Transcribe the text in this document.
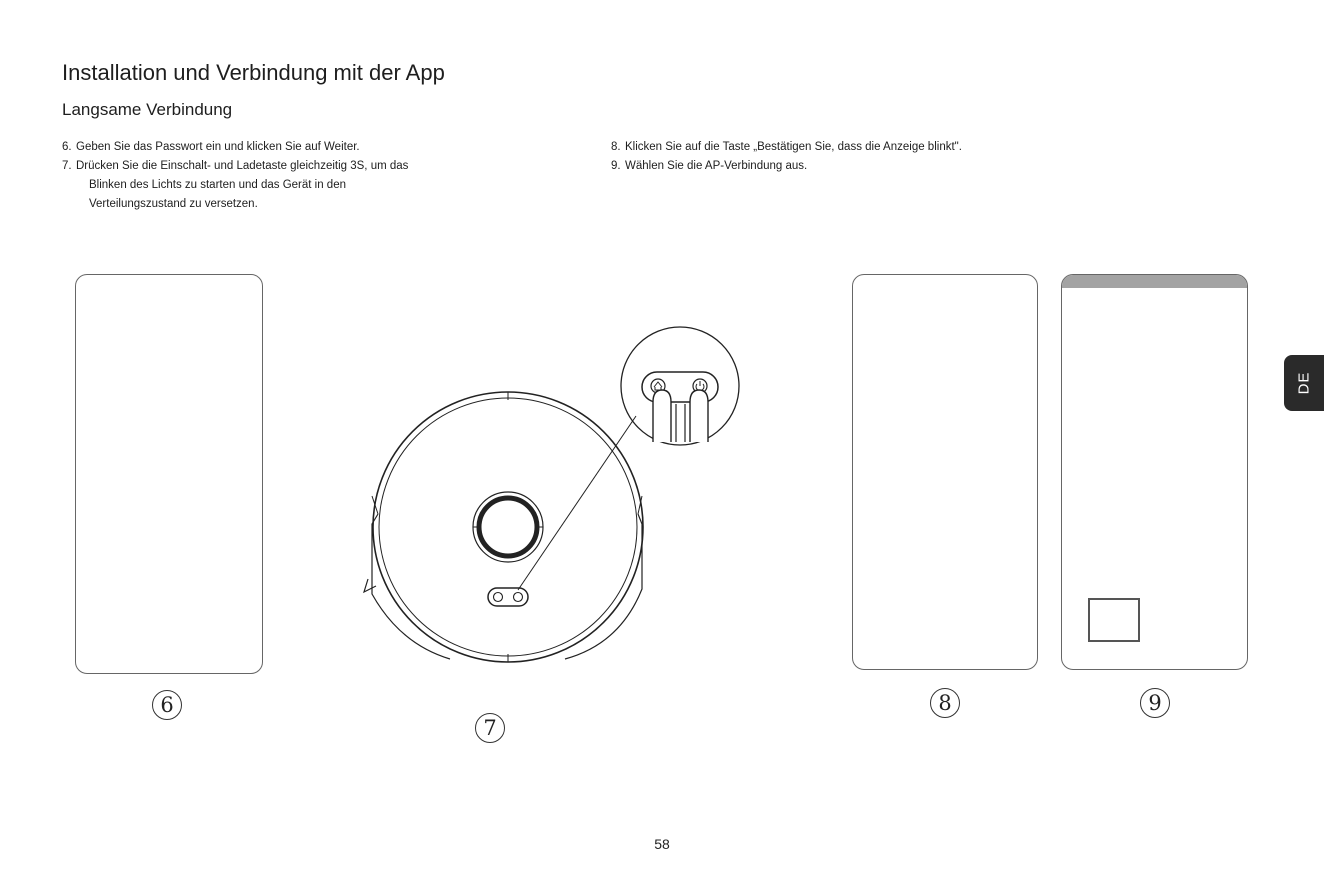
Installation und Verbindung mit der App
Langsame Verbindung
6. Geben Sie das Passwort ein und klicken Sie auf Weiter.
7. Drücken Sie die Einschalt- und Ladetaste gleichzeitig 3S, um das
Blinken des Lichts zu starten und das Gerät in den
Verteilungszustand zu versetzen.
8. Klicken Sie auf die Taste „Bestätigen Sie, dass die Anzeige blinkt".
9. Wählen Sie die AP-Verbindung aus.
6
7
8	9
DE
58
